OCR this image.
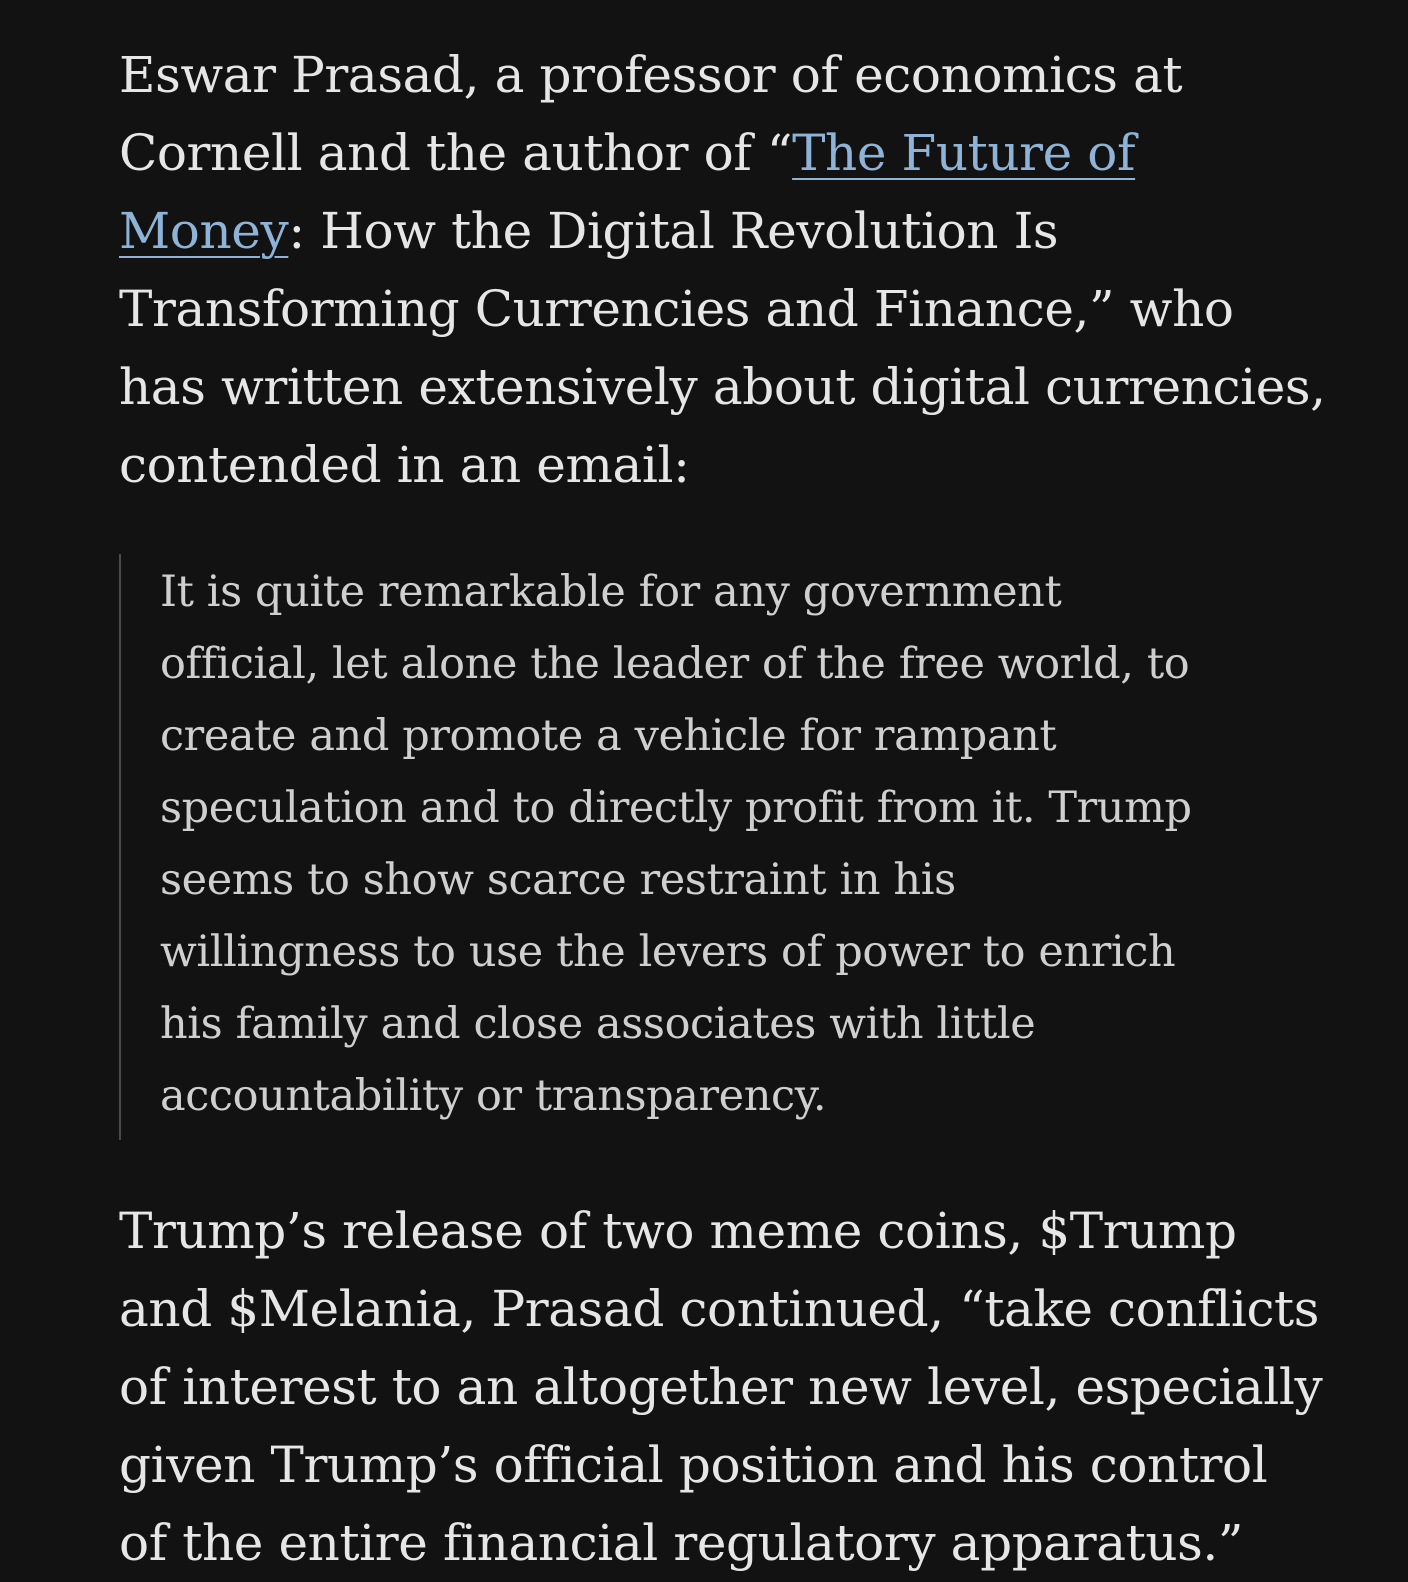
Eswar Prasad, a professor of economics at Cornell and the author of “The Future of Money: How the Digital Revolution Is Transforming Currencies and Finance,” who has written extensively about digital currencies, contended in an email:

It is quite remarkable for any government official, let alone the leader of the free world, to create and promote a vehicle for rampant speculation and to directly profit from it. Trump seems to show scarce restraint in his willingness to use the levers of power to enrich his family and close associates with little accountability or transparency.

Trump’s release of two meme coins, $Trump and $Melania, Prasad continued, “take conflicts of interest to an altogether new level, especially given Trump’s official position and his control of the entire financial regulatory apparatus.”
